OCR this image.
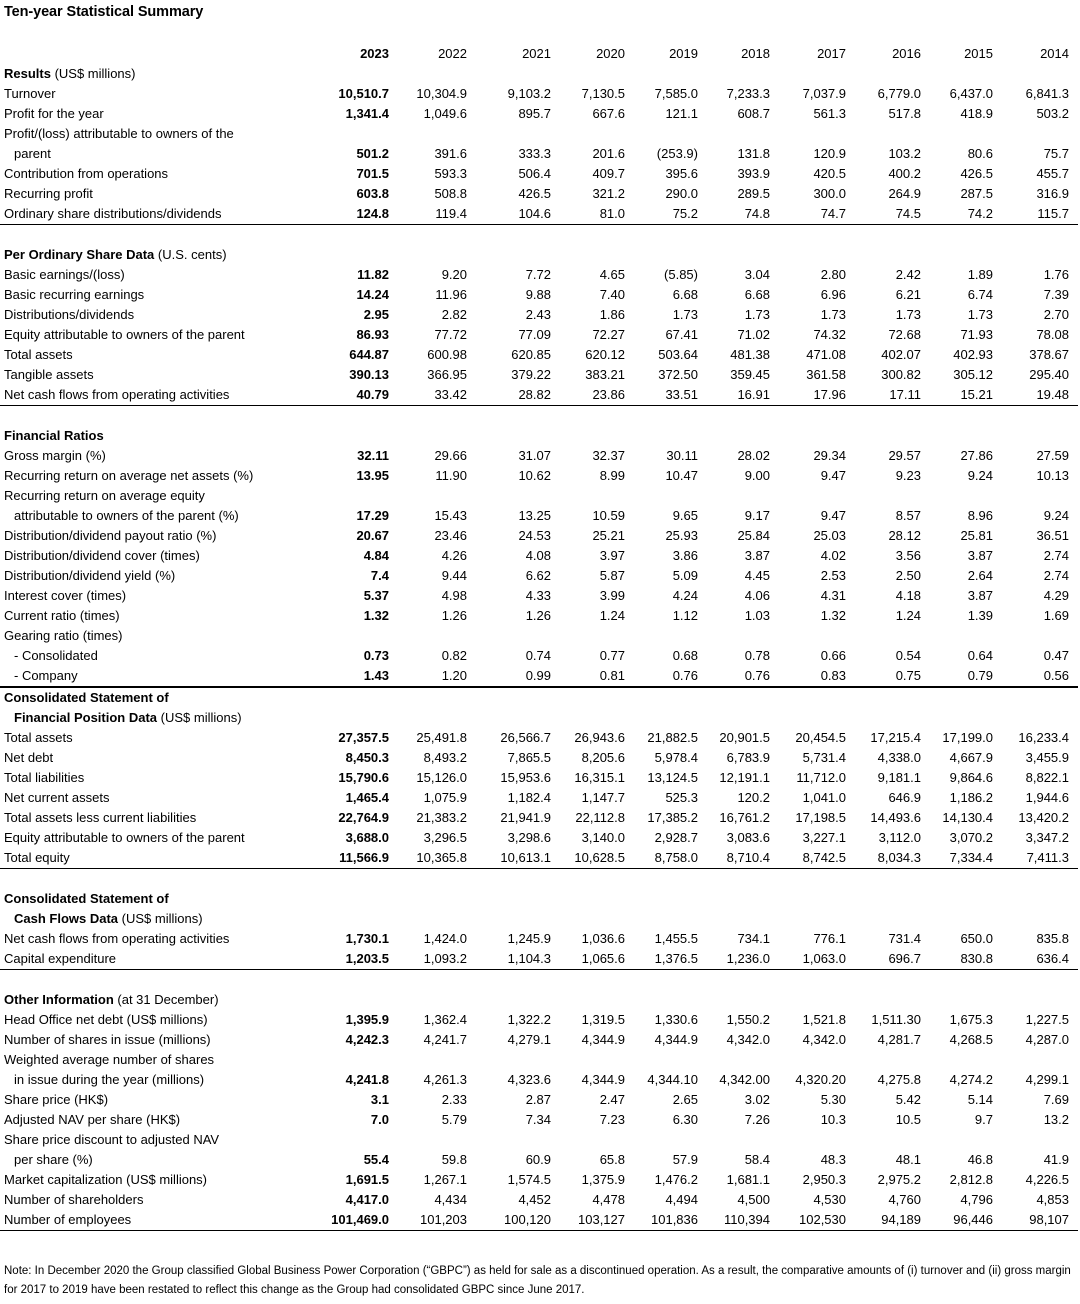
Ten-year Statistical Summary
2023	2022	2021	2020	2019	2018	2017	2016	2015	2014
Results (US$ millions)
Turnover	10,510.7 10,304.9	9,103.2 7,130.5 7,585.0 7,233.3	7,037.9 6,779.0 6,437.0	6,841.3
Profit for the year	1,341.4	1,049.6	895.7	667.6	121.1	608.7	561.3	517.8	418.9	503.2
Profit/(loss) attributable to owners of the
parent	501.2	391.6	333.3	201.6 (253.9)	131.8	120.9	103.2	80.6	75.7
Contribution from operations	701.5	593.3	506.4	409.7	395.6	393.9	420.5	400.2	426.5	455.7
Recurring profit	603.8	508.8	426.5	321.2	290.0	289.5	300.0	264.9	287.5	316.9
Ordinary share distributions/dividends	124.8	119.4	104.6	81.0	75.2	74.8	74.7	74.5	74.2	115.7
Per Ordinary Share Data (U.S. cents)
Basic earnings/(loss)	11.82	9.20	7.72	4.65	(5.85)	3.04	2.80	2.42	1.89	1.76
Basic recurring earnings	14.24	11.96	9.88	7.40	6.68	6.68	6.96	6.21	6.74	7.39
Distributions/dividends	2.95	2.82	2.43	1.86	1.73	1.73	1.73	1.73	1.73	2.70
Equity attributable to owners of the parent	86.93	77.72	77.09	72.27	67.41	71.02	74.32	72.68	71.93	78.08
Total assets	644.87	600.98	620.85	620.12	503.64 481.38	471.08	402.07 402.93	378.67
Tangible assets	390.13	366.95	379.22	383.21	372.50 359.45	361.58	300.82 305.12	295.40
Net cash flows from operating activities	40.79	33.42	28.82	23.86	33.51	16.91	17.96	17.11	15.21	19.48
Financial Ratios
Gross margin (%)	32.11	29.66	31.07	32.37	30.11	28.02	29.34	29.57	27.86	27.59
Recurring return on average net assets (%)	13.95	11.90	10.62	8.99	10.47	9.00	9.47	9.23	9.24	10.13
Recurring return on average equity
attributable to owners of the parent (%)	17.29	15.43	13.25	10.59	9.65	9.17	9.47	8.57	8.96	9.24
Distribution/dividend payout ratio (%)	20.67	23.46	24.53	25.21	25.93	25.84	25.03	28.12	25.81	36.51
Distribution/dividend cover (times)	4.84	4.26	4.08	3.97	3.86	3.87	4.02	3.56	3.87	2.74
Distribution/dividend yield (%)	7.4	9.44	6.62	5.87	5.09	4.45	2.53	2.50	2.64	2.74
Interest cover (times)	5.37	4.98	4.33	3.99	4.24	4.06	4.31	4.18	3.87	4.29
Current ratio (times)	1.32	1.26	1.26	1.24	1.12	1.03	1.32	1.24	1.39	1.69
Gearing ratio (times)
- Consolidated	0.73	0.82	0.74	0.77	0.68	0.78	0.66	0.54	0.64	0.47
- Company	1.43	1.20	0.99	0.81	0.76	0.76	0.83	0.75	0.79	0.56
Consolidated Statement of
Financial Position Data (US$ millions)
Total assets	27,357.5 25,491.8	26,566.7 26,943.6 21,882.5 20,901.5 20,454.5 17,215.4 17,199.0 16,233.4
Net debt	8,450.3	8,493.2	7,865.5 8,205.6 5,978.4 6,783.9	5,731.4 4,338.0 4,667.9	3,455.9
Total liabilities	15,790.6 15,126.0	15,953.6 16,315.1 13,124.5 12,191.1 11,712.0 9,181.1 9,864.6	8,822.1
Net current assets	1,465.4	1,075.9	1,182.4 1,147.7	525.3	120.2	1,041.0	646.9 1,186.2	1,944.6
Total assets less current liabilities	22,764.9 21,383.2	21,941.9 22,112.8 17,385.2 16,761.2 17,198.5 14,493.6 14,130.4 13,420.2
Equity attributable to owners of the parent	3,688.0	3,296.5	3,298.6 3,140.0 2,928.7 3,083.6	3,227.1	3,112.0 3,070.2	3,347.2
Total equity	11,566.9 10,365.8	10,613.1 10,628.5 8,758.0 8,710.4	8,742.5 8,034.3 7,334.4	7,411.3
Consolidated Statement of
Cash Flows Data (US$ millions)
Net cash flows from operating activities	1,730.1	1,424.0	1,245.9 1,036.6 1,455.5	734.1	776.1	731.4	650.0	835.8
Capital expenditure	1,203.5	1,093.2	1,104.3 1,065.6 1,376.5 1,236.0	1,063.0	696.7	830.8	636.4
Other Information (at 31 December)
Head Office net debt (US$ millions)	1,395.9	1,362.4	1,322.2 1,319.5 1,330.6 1,550.2	1,521.8 1,511.30 1,675.3	1,227.5
Number of shares in issue (millions)	4,242.3	4,241.7	4,279.1 4,344.9 4,344.9 4,342.0	4,342.0 4,281.7 4,268.5	4,287.0
Weighted average number of shares
in issue during the year (millions)	4,241.8	4,261.3	4,323.6 4,344.9 4,344.10 4,342.00 4,320.20 4,275.8 4,274.2	4,299.1
Share price (HK$)	3.1	2.33	2.87	2.47	2.65	3.02	5.30	5.42	5.14	7.69
Adjusted NAV per share (HK$)	7.0	5.79	7.34	7.23	6.30	7.26	10.3	10.5	9.7	13.2
Share price discount to adjusted NAV
per share (%)	55.4	59.8	60.9	65.8	57.9	58.4	48.3	48.1	46.8	41.9
Market capitalization (US$ millions)	1,691.5	1,267.1	1,574.5 1,375.9 1,476.2 1,681.1	2,950.3 2,975.2 2,812.8	4,226.5
Number of shareholders	4,417.0	4,434	4,452	4,478	4,494	4,500	4,530	4,760	4,796	4,853
Number of employees	101,469.0 101,203	100,120 103,127 101,836 110,394 102,530	94,189 96,446	98,107
Note: In December 2020 the Group classified Global Business Power Corporation (“GBPC”) as held for sale as a discontinued operation. As a result, the comparative amounts of (i) turnover and (ii) gross margin for 2017 to 2019 have been restated to reflect this change as the Group had consolidated GBPC since June 2017.
